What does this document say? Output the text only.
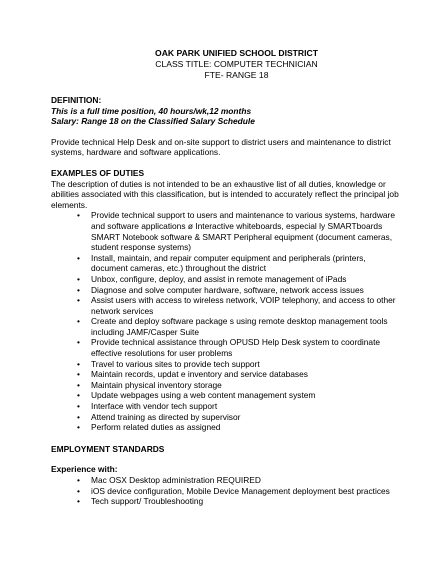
OAK PARK UNIFIED SCHOOL DISTRICT
CLASS TITLE: COMPUTER TECHNICIAN
FTE- RANGE 18
DEFINITION:
This is a full time position, 40 hours/wk,12 months
Salary: Range 18 on the Classified Salary Schedule
Provide technical Help Desk and on-site support to district users and maintenance to district systems, hardware and software applications.
EXAMPLES OF DUTIES
The description of duties is not intended to be an exhaustive list of all duties, knowledge or abilities associated with this classification, but is intended to accurately reflect the principal job elements.
• Provide technical support to users and maintenance to various systems, hardware and software applications ø Interactive whiteboards, especial ly SMARTboards SMART Notebook software & SMART Peripheral equipment (document cameras, student response systems)
• Install, maintain, and repair computer equipment and peripherals (printers, document cameras, etc.) throughout the district
• Unbox, configure, deploy, and assist in remote management of iPads
• Diagnose and solve computer hardware, software, network access issues
• Assist users with access to wireless network, VOIP telephony, and access to other network services
• Create and deploy software package s using remote desktop management tools including JAMF/Casper Suite
• Provide technical assistance through OPUSD Help Desk system to coordinate effective resolutions for user problems
• Travel to various sites to provide tech support
• Maintain records, updat e inventory and service databases
• Maintain physical inventory storage
• Update webpages using a web content management system
• Interface with vendor tech support
• Attend training as directed by supervisor
• Perform related duties as assigned
EMPLOYMENT STANDARDS
Experience with:
• Mac OSX Desktop administration REQUIRED
• iOS device configuration, Mobile Device Management deployment best practices
• Tech support/ Troubleshooting
